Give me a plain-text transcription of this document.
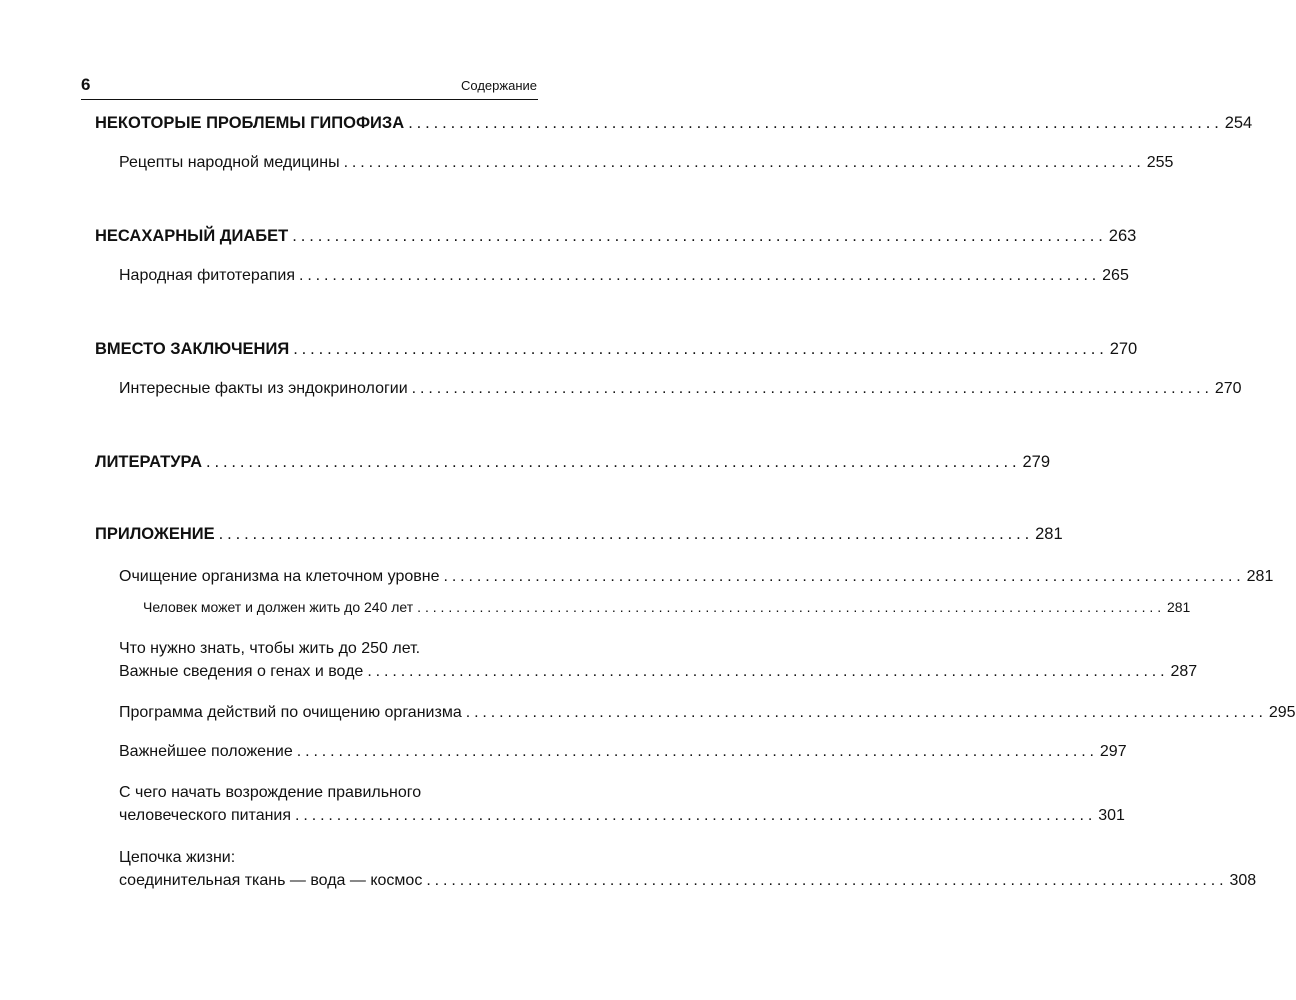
6	Содержание
НЕКОТОРЫЕ ПРОБЛЕМЫ ГИПОФИЗА ................................................................................................ 254
Рецепты народной медицины ................................................................................................ 255
НЕСАХАРНЫЙ ДИАБЕТ ................................................................................................ 263
Народная фитотерапия ................................................................................................ 265
ВМЕСТО ЗАКЛЮЧЕНИЯ ................................................................................................ 270
Интересные факты из эндокринологии ................................................................................................ 270
ЛИТЕРАТУРА ................................................................................................ 279
ПРИЛОЖЕНИЕ ................................................................................................ 281
Очищение организма на клеточном уровне ................................................................................................ 281
Человек может и должен жить до 240 лет ................................................................................................ 281
Что нужно знать, чтобы жить до 250 лет.
Важные сведения о генах и воде ................................................................................................ 287
Программа действий по очищению организма ................................................................................................ 295
Важнейшее положение ................................................................................................ 297
С чего начать возрождение правильного
человеческого питания ................................................................................................ 301
Цепочка жизни:
соединительная ткань — вода — космос ................................................................................................ 308
